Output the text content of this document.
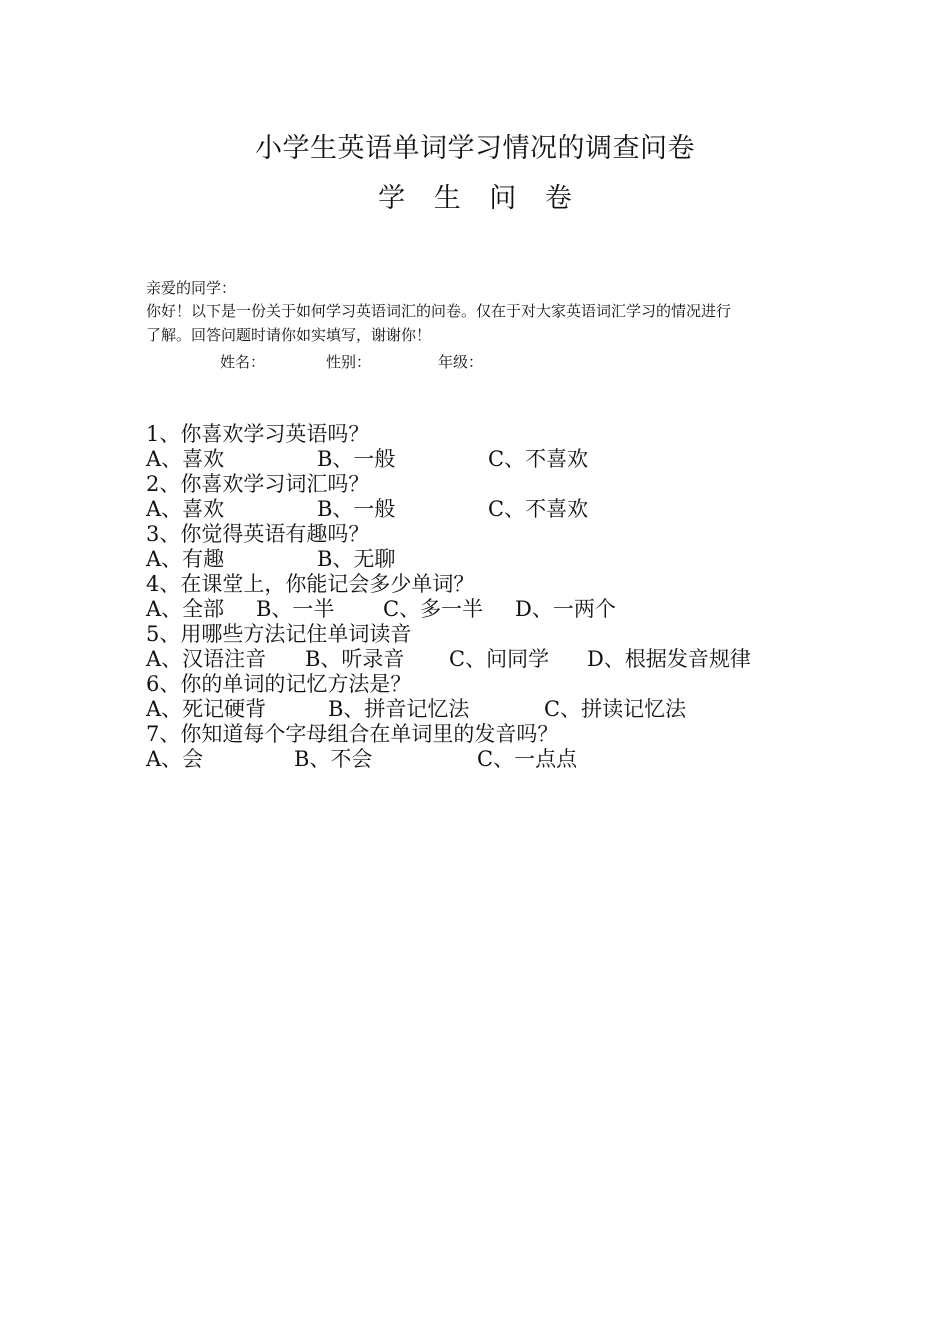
小学生英语单词学习情况的调查问卷
学 生 问 卷
亲爱的同学：
你好！以下是一份关于如何学习英语词汇的问卷。仅在于对大家英语词汇学习的情况进行
了解。回答问题时请你如实填写，谢谢你！
姓名：	性别：	年级：
1、你喜欢学习英语吗？
A、喜欢	B、一般	C、不喜欢
2、你喜欢学习词汇吗？
A、喜欢	B、一般	C、不喜欢
3、你觉得英语有趣吗？
A、有趣	B、无聊
4、在课堂上，你能记会多少单词？
A、全部 B、一半 C、多一半 D、一两个
5、用哪些方法记住单词读音
A、汉语注音 B、听录音 C、问同学 D、根据发音规律
6、你的单词的记忆方法是？
A、死记硬背	B、拼音记忆法	C、拼读记忆法
7、你知道每个字母组合在单词里的发音吗？
A、会	B、不会	C、一点点
